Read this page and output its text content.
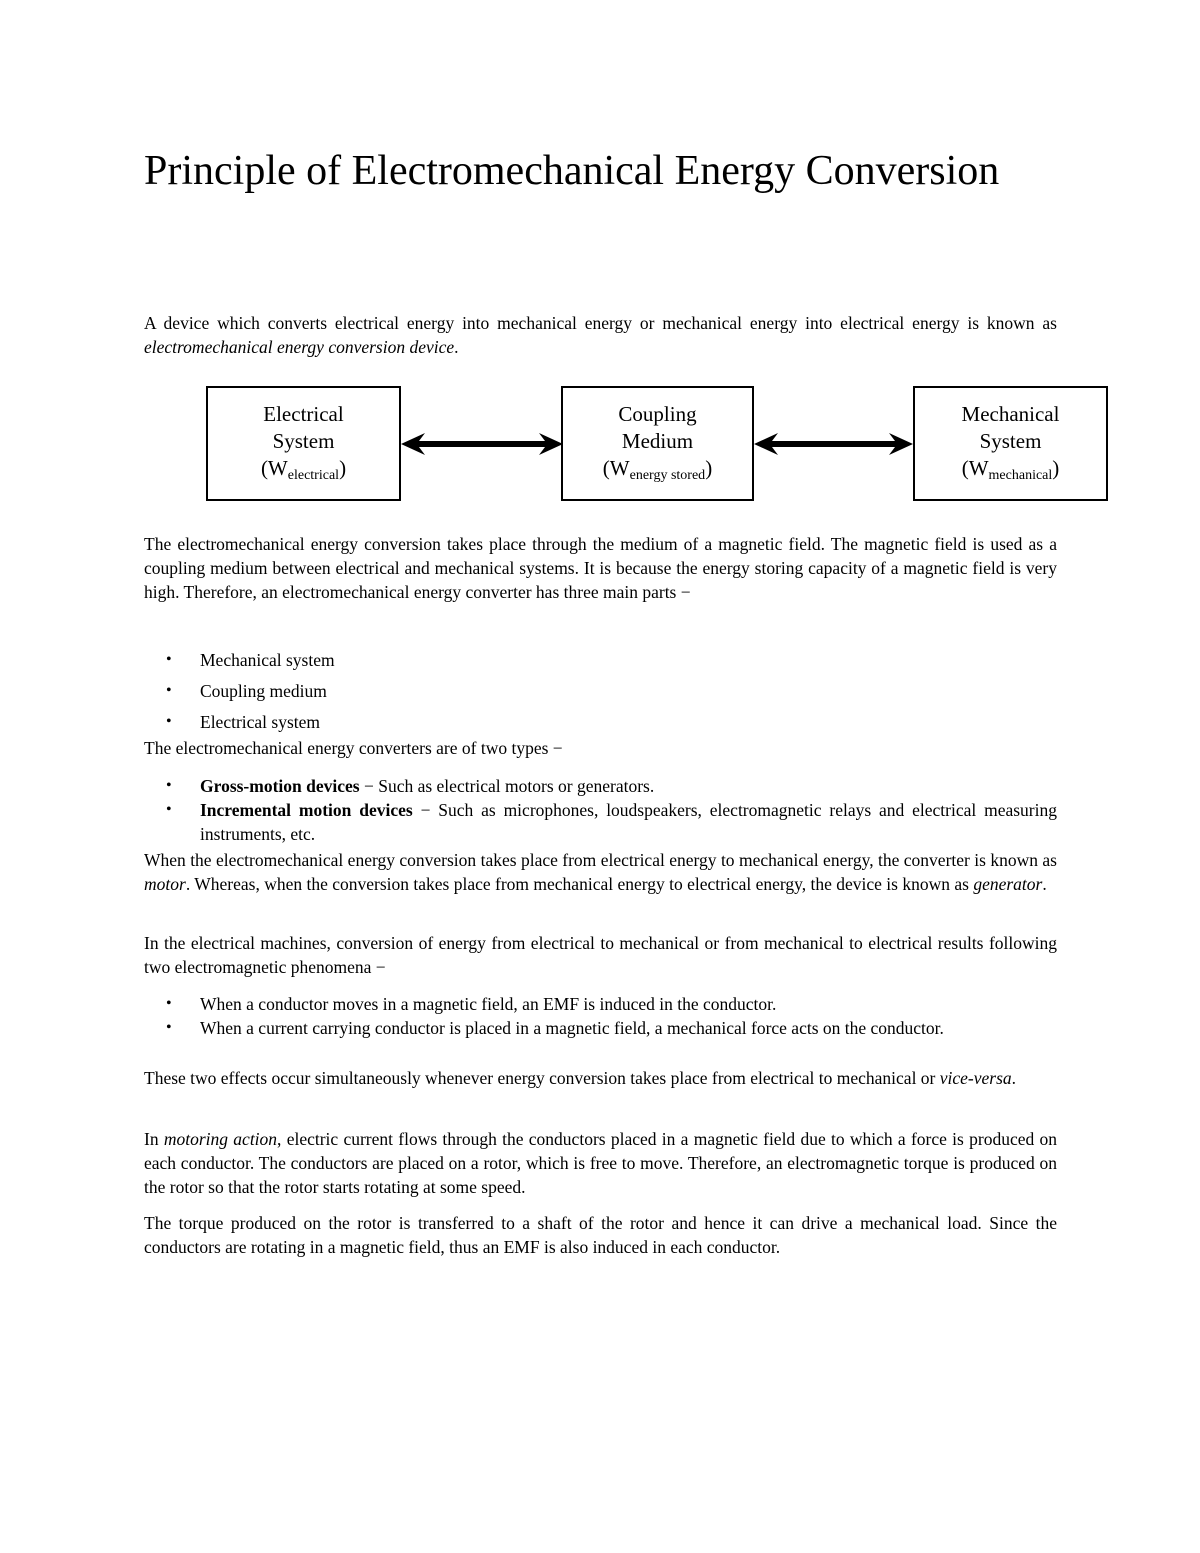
Principle of Electromechanical Energy Conversion

A device which converts electrical energy into mechanical energy or mechanical energy into electrical energy is known as electromechanical energy conversion device.

Electrical
System
$(W_{electrical})$
Coupling
Medium
$(W_{energy stored})$
Mechanical
System
$(W_{mechanical})$

The electromechanical energy conversion takes place through the medium of a magnetic field. The magnetic field is used as a coupling medium between electrical and mechanical systems. It is because the energy storing capacity of a magnetic field is very high. Therefore, an electromechanical energy converter has three main parts −

• Mechanical system
• Coupling medium
• Electrical system

The electromechanical energy converters are of two types −

• Gross-motion devices − Such as electrical motors or generators.
• Incremental motion devices − Such as microphones, loudspeakers, electromagnetic relays and electrical measuring instruments, etc.

When the electromechanical energy conversion takes place from electrical energy to mechanical energy, the converter is known as motor. Whereas, when the conversion takes place from mechanical energy to electrical energy, the device is known as generator.

In the electrical machines, conversion of energy from electrical to mechanical or from mechanical to electrical results following two electromagnetic phenomena −

• When a conductor moves in a magnetic field, an EMF is induced in the conductor.
• When a current carrying conductor is placed in a magnetic field, a mechanical force acts on the conductor.

These two effects occur simultaneously whenever energy conversion takes place from electrical to mechanical or vice-versa.

In motoring action, electric current flows through the conductors placed in a magnetic field due to which a force is produced on each conductor. The conductors are placed on a rotor, which is free to move. Therefore, an electromagnetic torque is produced on the rotor so that the rotor starts rotating at some speed.

The torque produced on the rotor is transferred to a shaft of the rotor and hence it can drive a mechanical load. Since the conductors are rotating in a magnetic field, thus an EMF is also induced in each conductor.
